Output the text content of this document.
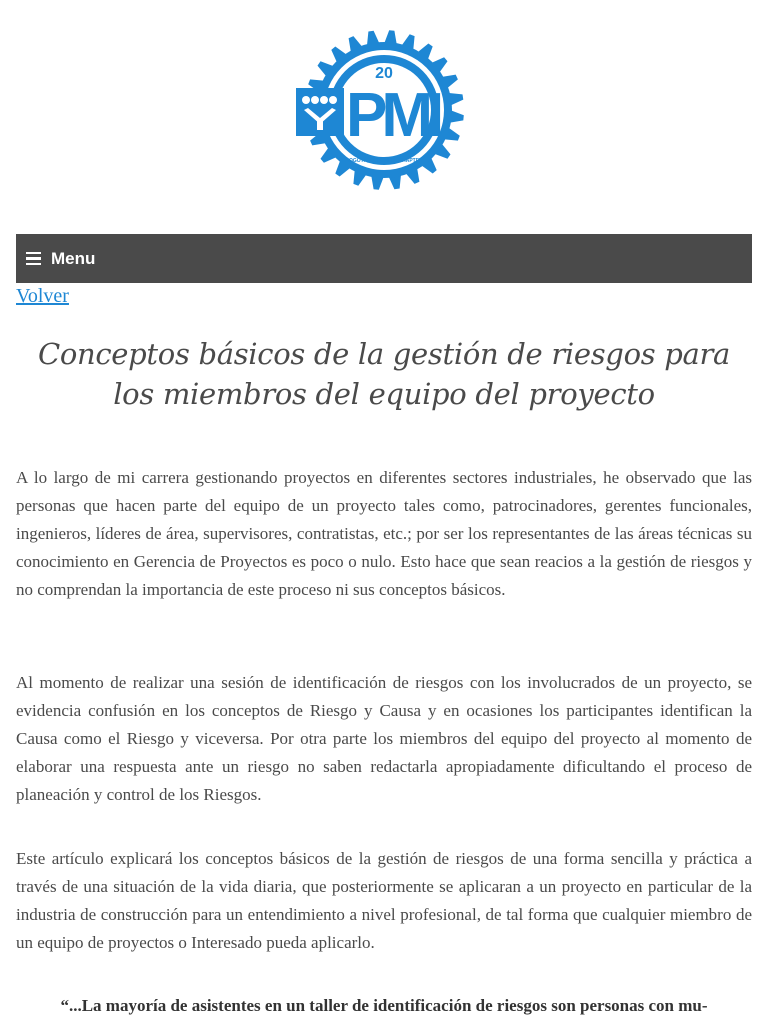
AÑOS
20
PMI
BOGOTÁ, COLOMBIA CHAPTER
Menu
Volver
Conceptos básicos de la gestión de riesgos para los miembros del equipo del proyecto

A lo largo de mi carrera gestionando proyectos en diferentes sectores industriales, he observado que las personas que hacen parte del equipo de un proyecto tales como, patrocinadores, gerentes funcionales, ingenieros, líderes de área, supervisores, contratistas, etc.; por ser los representantes de las áreas técnicas su conocimiento en Gerencia de Proyectos es poco o nulo. Esto hace que sean reacios a la gestión de riesgos y no comprendan la importancia de este proceso ni sus conceptos básicos.

Al momento de realizar una sesión de identificación de riesgos con los involucrados de un proyecto, se evidencia confusión en los conceptos de Riesgo y Causa y en ocasiones los participantes identifican la Causa como el Riesgo y viceversa. Por otra parte los miembros del equipo del proyecto al momento de elaborar una respuesta ante un riesgo no saben redactarla apropiadamente dificultando el proceso de planeación y control de los Riesgos.

Este artículo explicará los conceptos básicos de la gestión de riesgos de una forma sencilla y práctica a través de una situación de la vida diaria, que posteriormente se aplicaran a un proyecto en particular de la industria de construcción para un entendimiento a nivel profesional, de tal forma que cualquier miembro de un equipo de proyectos o Interesado pueda aplicarlo.

“...La mayoría de asistentes en un taller de identificación de riesgos son personas con mu-
